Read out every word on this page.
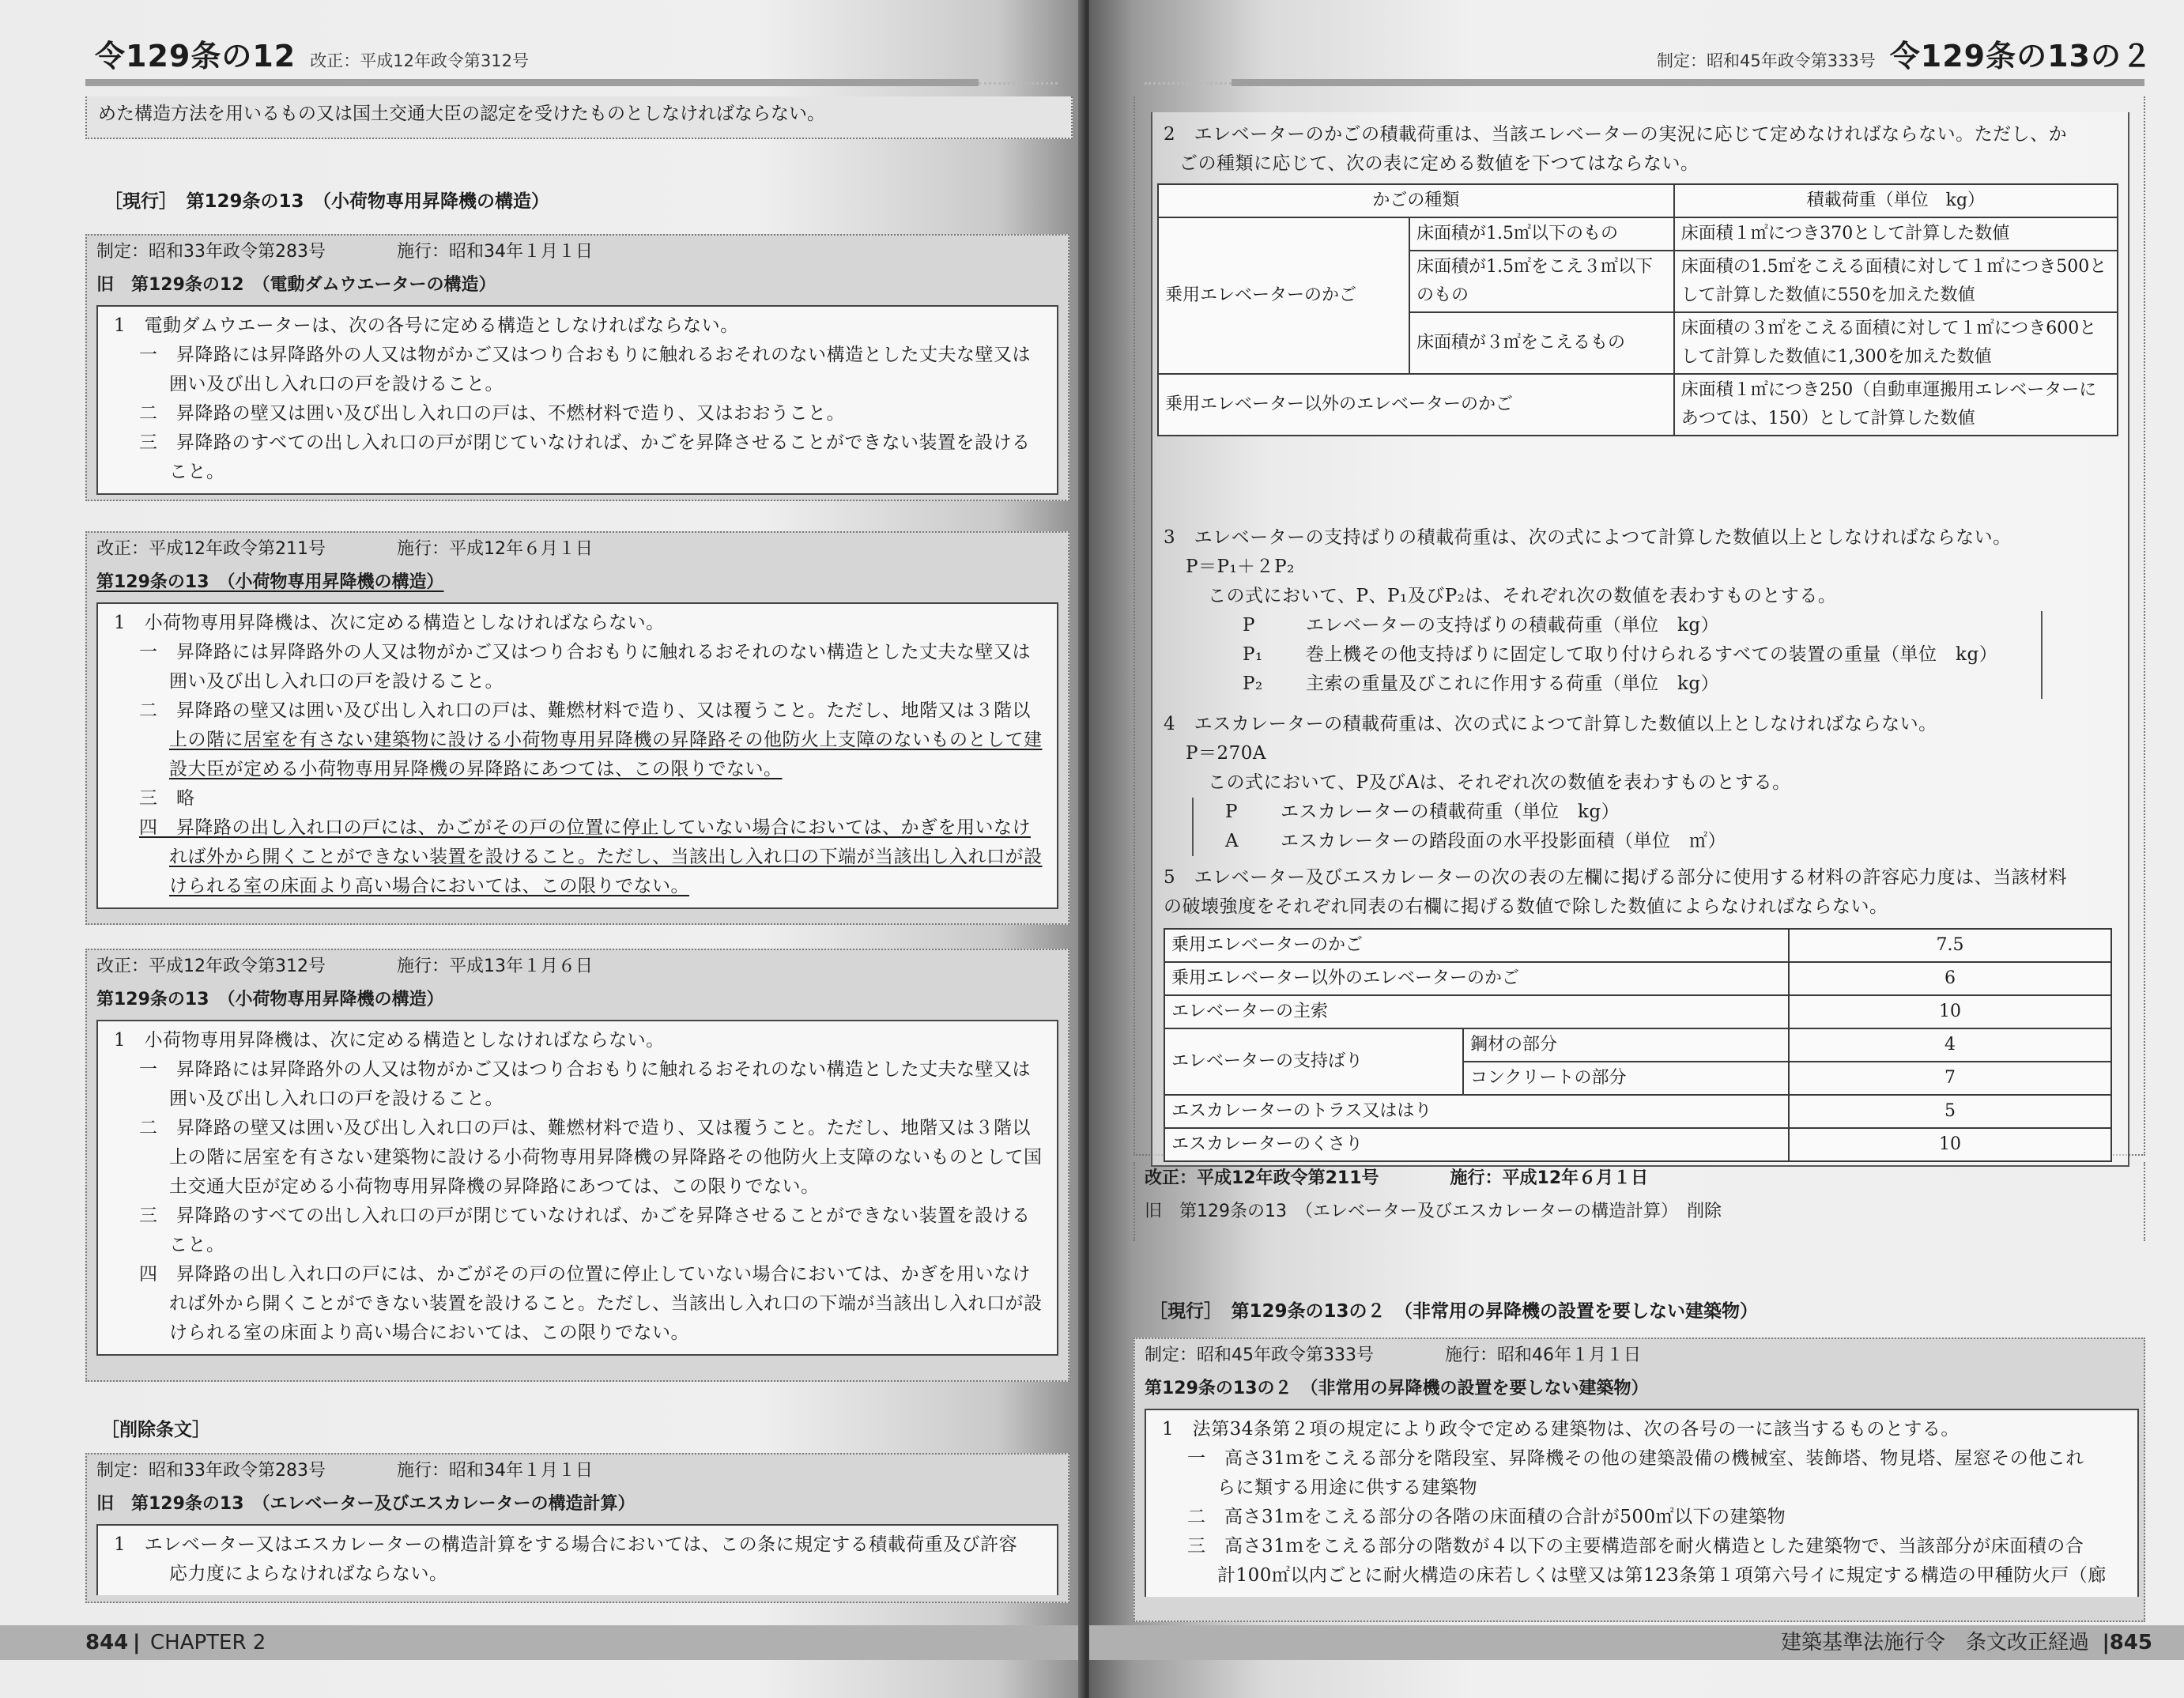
令129条の12 改正：平成12年政令第312号
めた構造方法を用いるもの又は国土交通大臣の認定を受けたものとしなければならない。
［現行］　第129条の13　（小荷物専用昇降機の構造）
制定：昭和33年政令第283号	施行：昭和34年１月１日
旧　第129条の12　（電動ダムウエーターの構造）
1　電動ダムウエーターは、次の各号に定める構造としなければならない。
一　昇降路には昇降路外の人又は物がかご又はつり合おもりに触れるおそれのない構造とした丈夫な壁又は
囲い及び出し入れ口の戸を設けること。
二　昇降路の壁又は囲い及び出し入れ口の戸は、不燃材料で造り、又はおおうこと。
三　昇降路のすべての出し入れ口の戸が閉じていなければ、かごを昇降させることができない装置を設ける
こと。
改正：平成12年政令第211号	施行：平成12年６月１日
第129条の13　（小荷物専用昇降機の構造）
1　小荷物専用昇降機は、次に定める構造としなければならない。
一　昇降路には昇降路外の人又は物がかご又はつり合おもりに触れるおそれのない構造とした丈夫な壁又は
囲い及び出し入れ口の戸を設けること。
二　昇降路の壁又は囲い及び出し入れ口の戸は、難燃材料で造り、又は覆うこと。ただし、地階又は３階以
上の階に居室を有さない建築物に設ける小荷物専用昇降機の昇降路その他防火上支障のないものとして建
設大臣が定める小荷物専用昇降機の昇降路にあつては、この限りでない。
三　略
四　昇降路の出し入れ口の戸には、かごがその戸の位置に停止していない場合においては、かぎを用いなけ
れば外から開くことができない装置を設けること。ただし、当該出し入れ口の下端が当該出し入れ口が設
けられる室の床面より高い場合においては、この限りでない。
改正：平成12年政令第312号	施行：平成13年１月６日
第129条の13　（小荷物専用昇降機の構造）
1　小荷物専用昇降機は、次に定める構造としなければならない。
一　昇降路には昇降路外の人又は物がかご又はつり合おもりに触れるおそれのない構造とした丈夫な壁又は
囲い及び出し入れ口の戸を設けること。
二　昇降路の壁又は囲い及び出し入れ口の戸は、難燃材料で造り、又は覆うこと。ただし、地階又は３階以
上の階に居室を有さない建築物に設ける小荷物専用昇降機の昇降路その他防火上支障のないものとして国
土交通大臣が定める小荷物専用昇降機の昇降路にあつては、この限りでない。
三　昇降路のすべての出し入れ口の戸が閉じていなければ、かごを昇降させることができない装置を設ける
こと。
四　昇降路の出し入れ口の戸には、かごがその戸の位置に停止していない場合においては、かぎを用いなけ
れば外から開くことができない装置を設けること。ただし、当該出し入れ口の下端が当該出し入れ口が設
けられる室の床面より高い場合においては、この限りでない。
［削除条文］
制定：昭和33年政令第283号	施行：昭和34年１月１日
旧　第129条の13　（エレベーター及びエスカレーターの構造計算）
1　エレベーター又はエスカレーターの構造計算をする場合においては、この条に規定する積載荷重及び許容
応力度によらなければならない。
844 | CHAPTER 2
制定：昭和45年政令第333号 令129条の13の２
2　エレベーターのかごの積載荷重は、当該エレベーターの実況に応じて定めなければならない。ただし、か
ごの種類に応じて、次の表に定める数値を下つてはならない。
かごの種類		積載荷重（単位　kg）
乗用エレベーターのかご	床面積が1.5㎡以下のもの	床面積１㎡につき370として計算した数値
	床面積が1.5㎡をこえ３㎡以下のもの	床面積の1.5㎡をこえる面積に対して１㎡につき500として計算した数値に550を加えた数値
	床面積が３㎡をこえるもの	床面積の３㎡をこえる面積に対して１㎡につき600として計算した数値に1,300を加えた数値
乗用エレベーター以外のエレベーターのかご		床面積１㎡につき250（自動車運搬用エレベーターにあつては、150）として計算した数値
3　エレベーターの支持ばりの積載荷重は、次の式によつて計算した数値以上としなければならない。
P＝P₁＋２P₂
この式において、P、P₁及びP₂は、それぞれ次の数値を表わすものとする。
P	エレベーターの支持ばりの積載荷重（単位　kg）
P₁ 巻上機その他支持ばりに固定して取り付けられるすべての装置の重量（単位　kg）
P₂ 主索の重量及びこれに作用する荷重（単位　kg）
4　エスカレーターの積載荷重は、次の式によつて計算した数値以上としなければならない。
P＝270A
この式において、P及びAは、それぞれ次の数値を表わすものとする。
P エスカレーターの積載荷重（単位　kg）
A エスカレーターの踏段面の水平投影面積（単位　㎡）
5　エレベーター及びエスカレーターの次の表の左欄に掲げる部分に使用する材料の許容応力度は、当該材料
の破壊強度をそれぞれ同表の右欄に掲げる数値で除した数値によらなければならない。
乗用エレベーターのかご		7.5
乗用エレベーター以外のエレベーターのかご		6
エレベーターの主索		10
エレベーターの支持ばり	鋼材の部分	4
	コンクリートの部分	7
エスカレーターのトラス又ははり		5
エスカレーターのくさり		10
改正：平成12年政令第211号	施行：平成12年６月１日
旧　第129条の13　（エレベーター及びエスカレーターの構造計算）　削除
［現行］　第129条の13の２　（非常用の昇降機の設置を要しない建築物）
制定：昭和45年政令第333号	施行：昭和46年１月１日
第129条の13の２　（非常用の昇降機の設置を要しない建築物）
1　法第34条第２項の規定により政令で定める建築物は、次の各号の一に該当するものとする。
一　高さ31ｍをこえる部分を階段室、昇降機その他の建築設備の機械室、装飾塔、物見塔、屋窓その他これ
らに類する用途に供する建築物
二　高さ31ｍをこえる部分の各階の床面積の合計が500㎡以下の建築物
三　高さ31ｍをこえる部分の階数が４以下の主要構造部を耐火構造とした建築物で、当該部分が床面積の合
計100㎡以内ごとに耐火構造の床若しくは壁又は第123条第１項第六号イに規定する構造の甲種防火戸（廊
建築基準法施行令　条文改正経過 | 845
